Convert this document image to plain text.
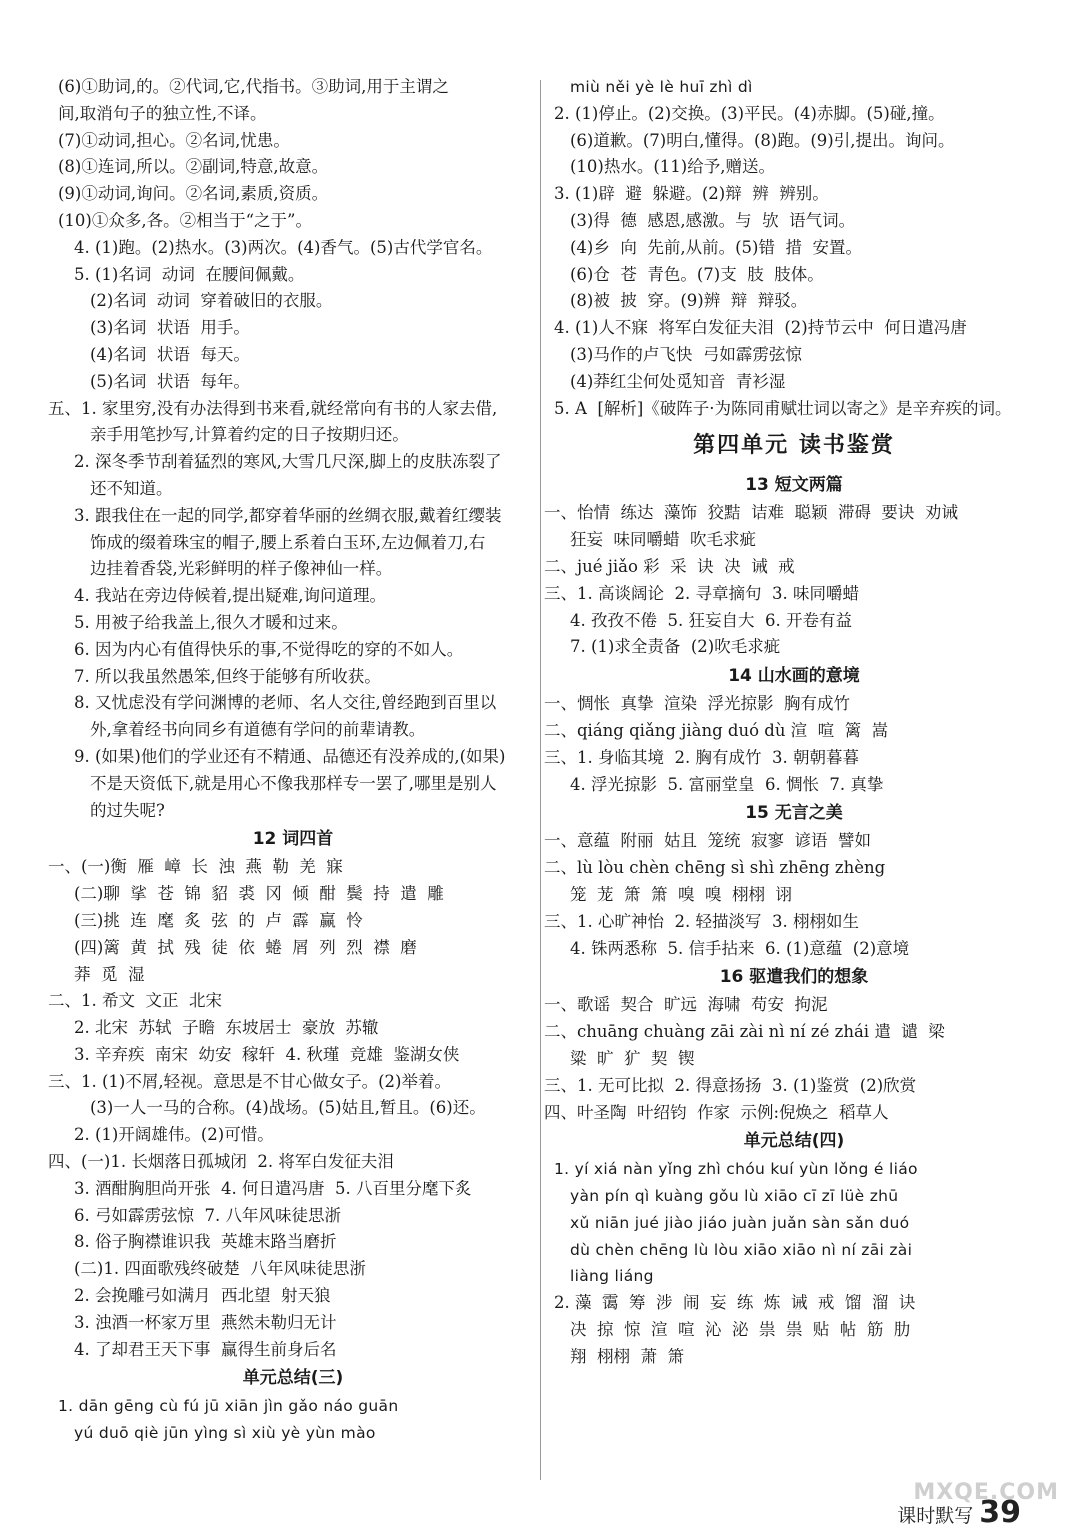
(6)①助词,的。②代词,它,代指书。③助词,用于主谓之
间,取消句子的独立性,不译。
(7)①动词,担心。②名词,忧患。
(8)①连词,所以。②副词,特意,故意。
(9)①动词,询问。②名词,素质,资质。
(10)①众多,各。②相当于“之于”。
4. (1)跑。(2)热水。(3)两次。(4)香气。(5)古代学官名。
5. (1)名词  动词  在腰间佩戴。
(2)名词  动词  穿着破旧的衣服。
(3)名词  状语  用手。
(4)名词  状语  每天。
(5)名词  状语  每年。
五、1. 家里穷,没有办法得到书来看,就经常向有书的人家去借,
亲手用笔抄写,计算着约定的日子按期归还。
2. 深冬季节刮着猛烈的寒风,大雪几尺深,脚上的皮肤冻裂了
还不知道。
3. 跟我住在一起的同学,都穿着华丽的丝绸衣服,戴着红缨装
饰成的缀着珠宝的帽子,腰上系着白玉环,左边佩着刀,右
边挂着香袋,光彩鲜明的样子像神仙一样。
4. 我站在旁边侍候着,提出疑难,询问道理。
5. 用被子给我盖上,很久才暖和过来。
6. 因为内心有值得快乐的事,不觉得吃的穿的不如人。
7. 所以我虽然愚笨,但终于能够有所收获。
8. 又忧虑没有学问渊博的老师、名人交往,曾经跑到百里以
外,拿着经书向同乡有道德有学问的前辈请教。
9. (如果)他们的学业还有不精通、品德还有没养成的,(如果)
不是天资低下,就是用心不像我那样专一罢了,哪里是别人
的过失呢?
12 词四首
一、(一)衡  雁  嶂  长  浊  燕  勒  羌  寐
(二)聊  挲  苍  锦  貂  裘  冈  倾  酣  鬓  持  遣  雕
(三)挑  连  麾  炙  弦  的  卢  霹  赢  怜
(四)篱  黄  拭  残  徒  依  蜷  屑  列  烈  襟  磨
莽  觅  湿
二、1. 希文  文正  北宋
2. 北宋  苏轼  子瞻  东坡居士  豪放  苏辙
3. 辛弃疾  南宋  幼安  稼轩  4. 秋瑾  竞雄  鉴湖女侠
三、1. (1)不屑,轻视。意思是不甘心做女子。(2)举着。
(3)一人一马的合称。(4)战场。(5)姑且,暂且。(6)还。
2. (1)开阔雄伟。(2)可惜。
四、(一)1. 长烟落日孤城闭  2. 将军白发征夫泪
3. 酒酣胸胆尚开张  4. 何日遣冯唐  5. 八百里分麾下炙
6. 弓如霹雳弦惊  7. 八年风味徒思浙
8. 俗子胸襟谁识我  英雄末路当磨折
(二)1. 四面歌残终破楚  八年风味徒思浙
2. 会挽雕弓如满月  西北望  射天狼
3. 浊酒一杯家万里  燕然未勒归无计
4. 了却君王天下事  赢得生前身后名
单元总结(三)
1. dān gēng cù fú jū xiān jìn gǎo náo guān
yú duō qiè jūn yìng sì xiù yè yùn mào
miù něi yè lè huī zhì dì
2. (1)停止。(2)交换。(3)平民。(4)赤脚。(5)碰,撞。
(6)道歉。(7)明白,懂得。(8)跑。(9)引,提出。询问。
(10)热水。(11)给予,赠送。
3. (1)辟  避  躲避。(2)辩  辨  辨别。
(3)得  德  感恩,感激。与  欤  语气词。
(4)乡  向  先前,从前。(5)错  措  安置。
(6)仓  苍  青色。(7)支  肢  肢体。
(8)被  披  穿。(9)辨  辩  辩驳。
4. (1)人不寐  将军白发征夫泪  (2)持节云中  何日遣冯唐
(3)马作的卢飞快  弓如霹雳弦惊
(4)莽红尘何处觅知音  青衫湿
5. A  [解析]《破阵子·为陈同甫赋壮词以寄之》是辛弃疾的词。
第四单元 读书鉴赏
13 短文两篇
一、怡情  练达  藻饰  狡黠  诘难  聪颖  滞碍  要诀  劝诫
狂妄  味同嚼蜡  吹毛求疵
二、jué jiǎo 彩  采  诀  决  诫  戒
三、1. 高谈阔论  2. 寻章摘句  3. 味同嚼蜡
4. 孜孜不倦  5. 狂妄自大  6. 开卷有益
7. (1)求全责备  (2)吹毛求疵
14 山水画的意境
一、惆怅  真挚  渲染  浮光掠影  胸有成竹
二、qiáng qiǎng jiàng duó dù 渲  喧  篱  嵩
三、1. 身临其境  2. 胸有成竹  3. 朝朝暮暮
4. 浮光掠影  5. 富丽堂皇  6. 惆怅  7. 真挚
15 无言之美
一、意蕴  附丽  姑且  笼统  寂寥  谚语  譬如
二、lù lòu chèn chēng sì shì zhēng zhèng
笼  茏  箫  箫  嗅  嗅  栩栩  诩
三、1. 心旷神怡  2. 轻描淡写  3. 栩栩如生
4. 铢两悉称  5. 信手拈来  6. (1)意蕴  (2)意境
16 驱遣我们的想象
一、歌谣  契合  旷远  海啸  苟安  拘泥
二、chuāng chuàng zāi zài nì ní zé zhái 遣  谴  梁
粱  旷  犷  契  锲
三、1. 无可比拟  2. 得意扬扬  3. (1)鉴赏  (2)欣赏
四、叶圣陶  叶绍钧  作家  示例:倪焕之  稻草人
单元总结(四)
1. yí xiá nàn yǐng zhì chóu kuí yùn lǒng é liáo
yàn pín qì kuàng gǒu lù xiāo cī zī lüè zhū
xǔ niān jué jiào jiáo juàn juǎn sàn sǎn duó
dù chèn chēng lù lòu xiāo xiāo nì ní zāi zài
liàng liáng
2. 藻  霭  筹  涉  闹  妄  练  炼  诫  戒  馏  溜  诀
决  掠  惊  渲  喧  沁  泌  祟  祟  贴  帖  筋  肋
翔  栩栩  萧  箫
课时默写 39
MXQE.COM
